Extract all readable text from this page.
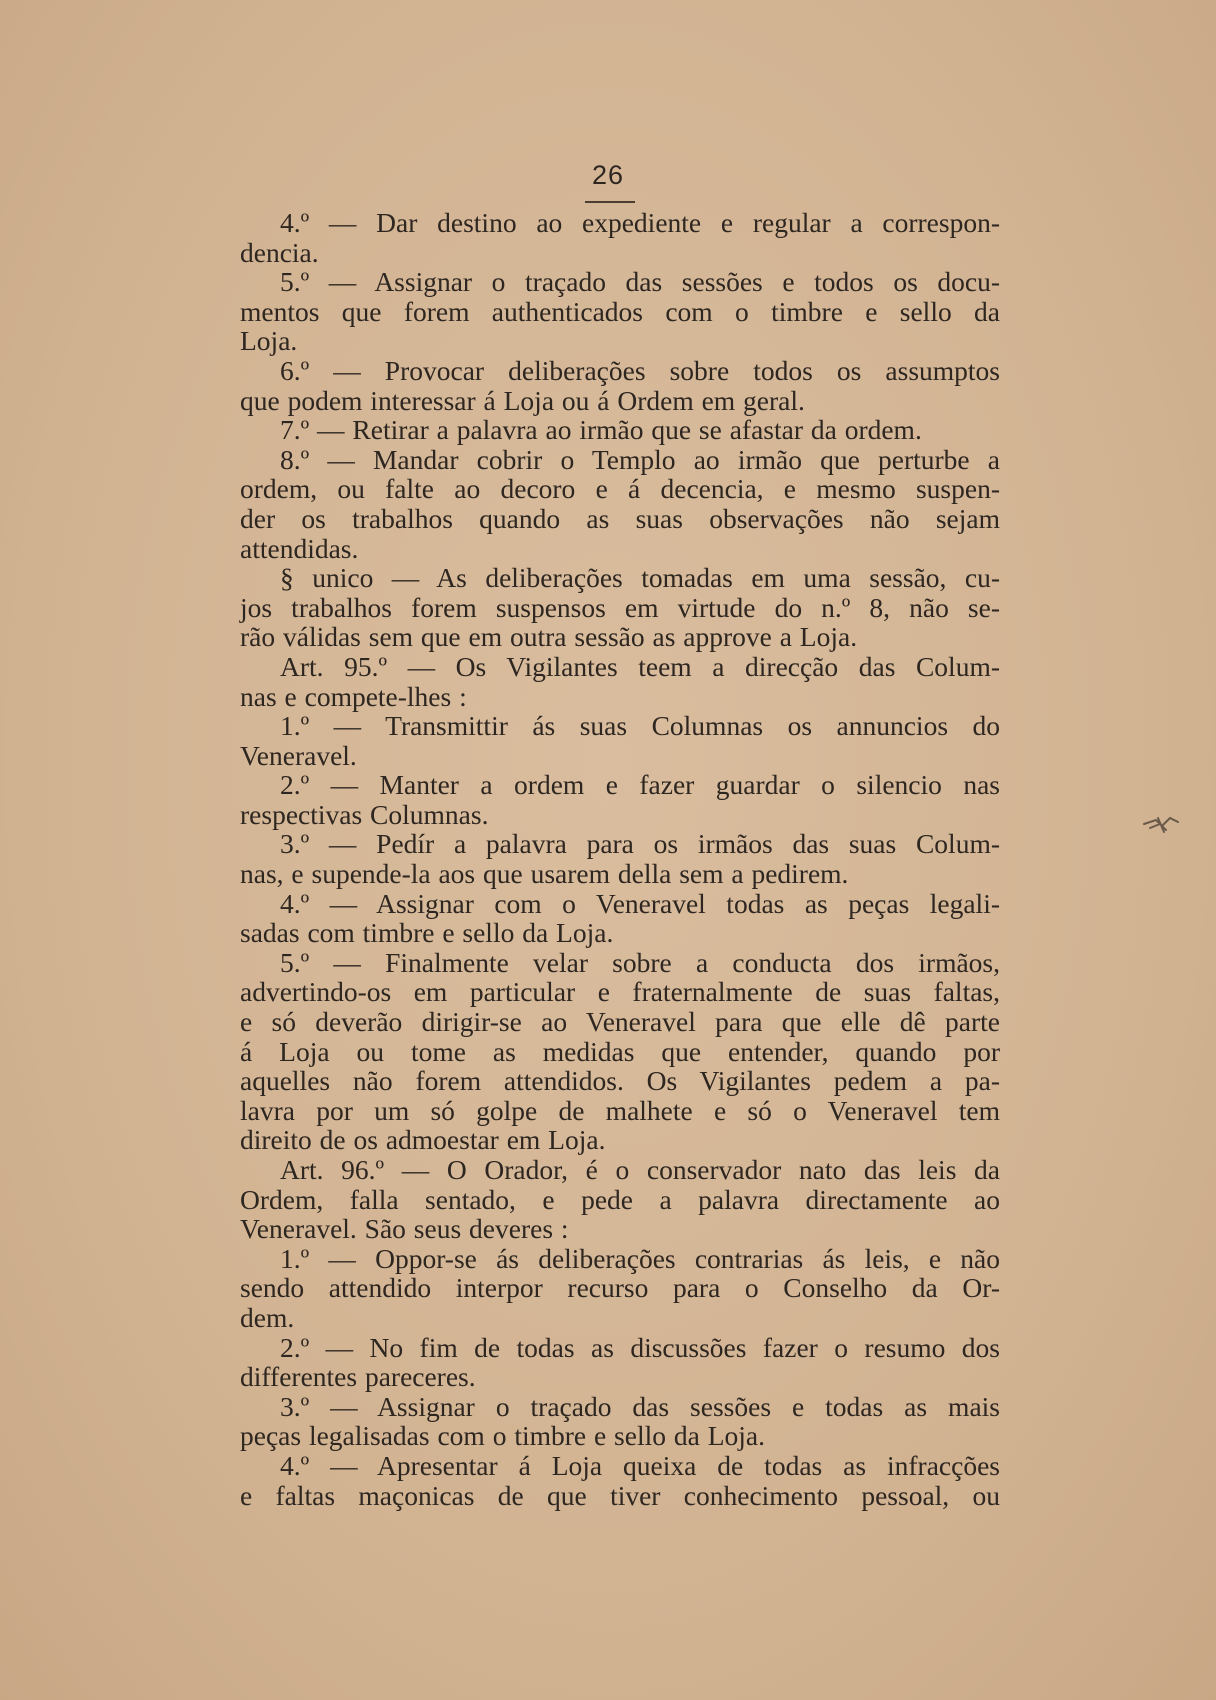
26
4.º — Dar destino ao expediente e regular a correspon-
dencia.
5.º — Assignar o traçado das sessões e todos os docu-
mentos que forem authenticados com o timbre e sello da
Loja.
6.º — Provocar deliberações sobre todos os assumptos
que podem interessar á Loja ou á Ordem em geral.
7.º — Retirar a palavra ao irmão que se afastar da ordem.
8.º — Mandar cobrir o Templo ao irmão que perturbe a
ordem, ou falte ao decoro e á decencia, e mesmo suspen-
der os trabalhos quando as suas observações não sejam
attendidas.
§ unico — As deliberações tomadas em uma sessão, cu-
jos trabalhos forem suspensos em virtude do n.º 8, não se-
rão válidas sem que em outra sessão as approve a Loja.
Art. 95.º — Os Vigilantes teem a direcção das Colum-
nas e compete-lhes :
1.º — Transmittir ás suas Columnas os annuncios do
Veneravel.
2.º — Manter a ordem e fazer guardar o silencio nas
respectivas Columnas.
3.º — Pedír a palavra para os irmãos das suas Colum-
nas, e supende-la aos que usarem della sem a pedirem.
4.º — Assignar com o Veneravel todas as peças legali-
sadas com timbre e sello da Loja.
5.º — Finalmente velar sobre a conducta dos irmãos,
advertindo-os em particular e fraternalmente de suas faltas,
e só deverão dirigir-se ao Veneravel para que elle dê parte
á Loja ou tome as medidas que entender, quando por
aquelles não forem attendidos. Os Vigilantes pedem a pa-
lavra por um só golpe de malhete e só o Veneravel tem
direito de os admoestar em Loja.
Art. 96.º — O Orador, é o conservador nato das leis da
Ordem, falla sentado, e pede a palavra directamente ao
Veneravel. São seus deveres :
1.º — Oppor-se ás deliberações contrarias ás leis, e não
sendo attendido interpor recurso para o Conselho da Or-
dem.
2.º — No fim de todas as discussões fazer o resumo dos
differentes pareceres.
3.º — Assignar o traçado das sessões e todas as mais
peças legalisadas com o timbre e sello da Loja.
4.º — Apresentar á Loja queixa de todas as infracções
e faltas maçonicas de que tiver conhecimento pessoal, ou
